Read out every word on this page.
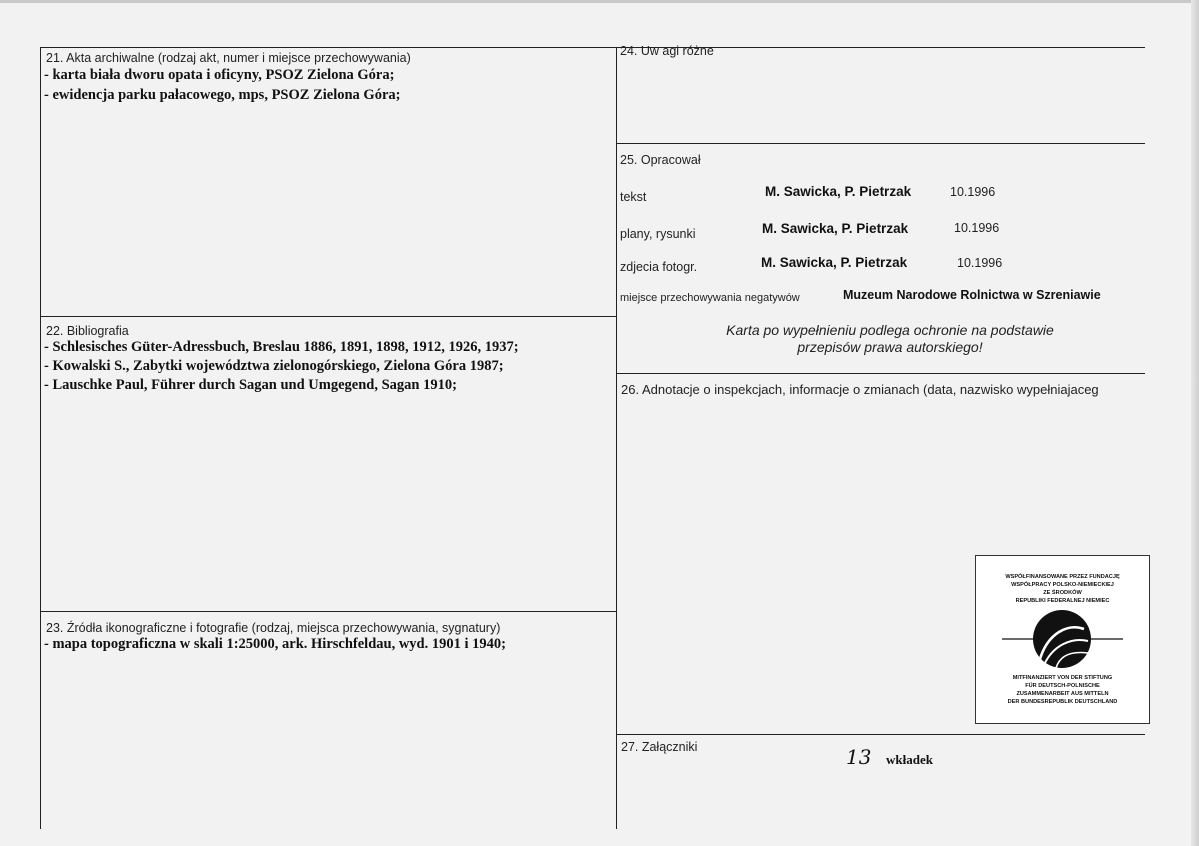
21. Akta archiwalne (rodzaj akt, numer i miejsce przechowywania)
- karta biała dworu opata i oficyny, PSOZ Zielona Góra;
- ewidencja parku pałacowego, mps, PSOZ Zielona Góra;
22. Bibliografia
- Schlesisches Güter-Adressbuch, Breslau 1886, 1891, 1898, 1912, 1926, 1937;
- Kowalski S., Zabytki województwa zielonogórskiego, Zielona Góra 1987;
- Lauschke Paul, Führer durch Sagan und Umgegend, Sagan 1910;
23. Źródła ikonograficzne i fotografie (rodzaj, miejsca przechowywania, sygnatury)
- mapa topograficzna w skali 1:25000, ark. Hirschfeldau, wyd. 1901 i 1940;
24. Uw agi różne
25. Opracował
tekst	M. Sawicka, P. Pietrzak	10.1996
plany, rysunki	M. Sawicka, P. Pietrzak	10.1996
zdjecia fotogr.	M. Sawicka, P. Pietrzak	10.1996
miejsce przechowywania negatywów	Muzeum Narodowe Rolnictwa w Szreniawie
Karta po wypełnieniu podlega ochronie na podstawie
przepisów prawa autorskiego!
26. Adnotacje o inspekcjach, informacje o zmianach (data, nazwisko wypełniajaceg
WSPÓŁFINANSOWANE PRZEZ FUNDACJĘ
WSPÓŁPRACY POLSKO-NIEMIECKIEJ
ZE ŚRODKÓW
REPUBLIKI FEDERALNEJ NIEMIEC
MITFINANZIERT VON DER STIFTUNG
FÜR DEUTSCH-POLNISCHE
ZUSAMMENARBEIT AUS MITTELN
DER BUNDESREPUBLIK DEUTSCHLAND
27. Załączniki	13 wkładek
